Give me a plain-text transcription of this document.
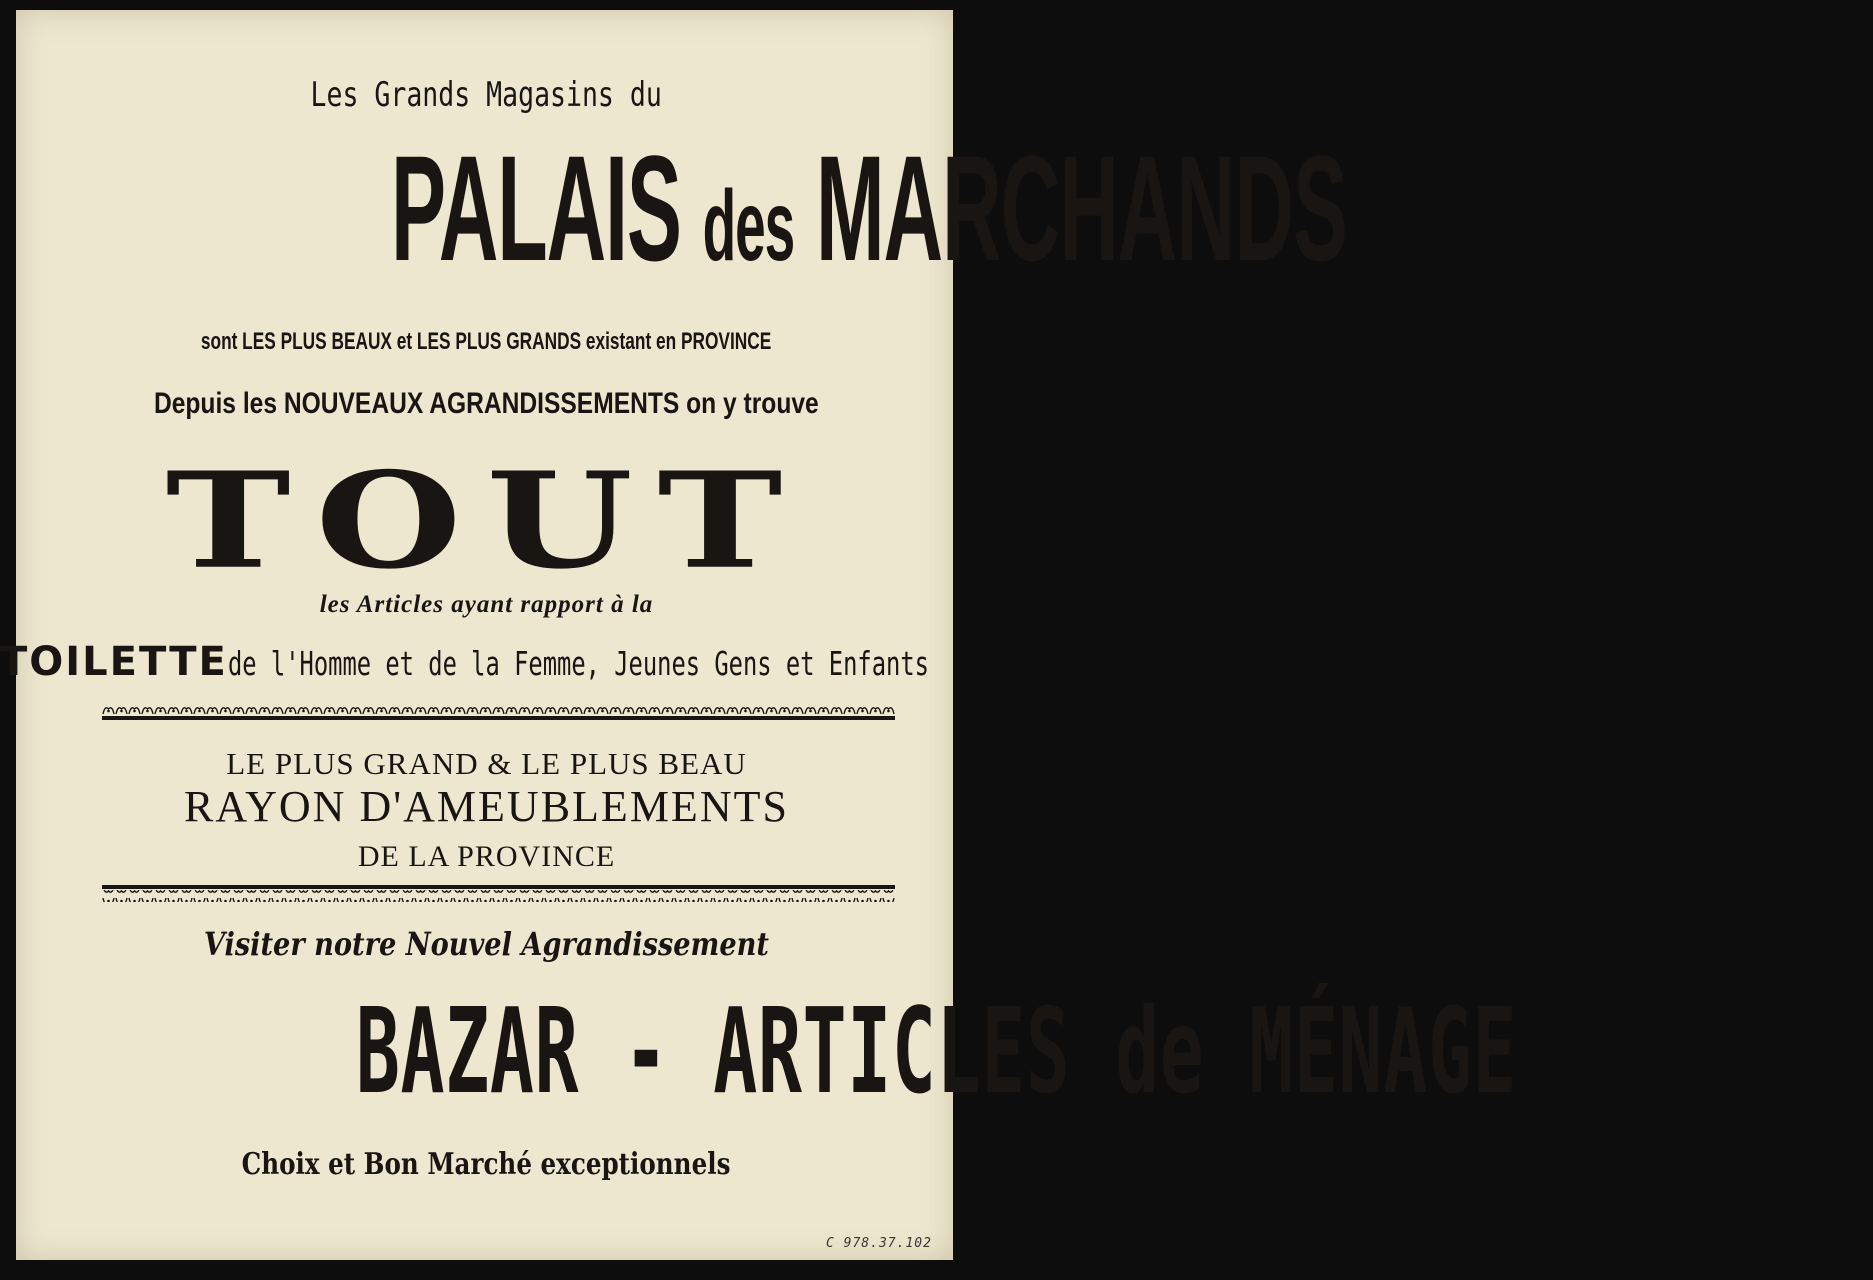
Les Grands Magasins du
PALAIS des MARCHANDS
sont LES PLUS BEAUX et LES PLUS GRANDS existant en PROVINCE
Depuis les NOUVEAUX AGRANDISSEMENTS on y trouve
TOUT
les Articles ayant rapport à la
TOILETTEde l'Homme et de la Femme, Jeunes Gens et Enfants
LE PLUS GRAND & LE PLUS BEAU
RAYON D'AMEUBLEMENTS
DE LA PROVINCE
Visiter notre Nouvel Agrandissement
BAZAR - ARTICLES de MÉNAGE
Choix et Bon Marché exceptionnels
C 978.37.102
